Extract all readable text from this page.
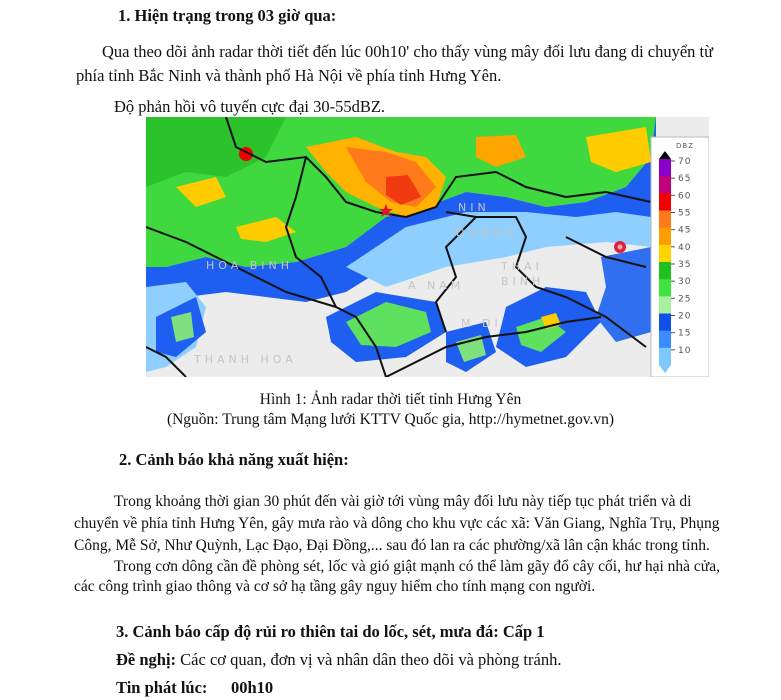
1. Hiện trạng trong 03 giờ qua:
Qua theo dõi ảnh radar thời tiết đến lúc 00h10' cho thấy vùng mây đối lưu đang di chuyển từ
phía tỉnh Bắc Ninh và thành phố Hà Nội về phía tỉnh Hưng Yên.
Độ phản hồi vô tuyến cực đại 30-55dBZ.
HOA BINH
A NAM
THAI
BINH
NIN
DUONG
M DI
THANH HOA
DBZ
70
65
60
55
45
40
35
30
25
20
15
10
Hình 1: Ảnh radar thời tiết tỉnh Hưng Yên
(Nguồn: Trung tâm Mạng lưới KTTV Quốc gia, http://hymetnet.gov.vn)
2. Cảnh báo khả năng xuất hiện:
Trong khoảng thời gian 30 phút đến vài giờ tới vùng mây đối lưu này tiếp tục phát triển và di
chuyển về phía tỉnh Hưng Yên, gây mưa rào và dông cho khu vực các xã: Văn Giang, Nghĩa Trụ, Phụng
Công, Mễ Sở, Như Quỳnh, Lạc Đạo, Đại Đồng,... sau đó lan ra các phường/xã lân cận khác trong tỉnh.
Trong cơn dông cần đề phòng sét, lốc và gió giật mạnh có thể làm gãy đổ cây cối, hư hại nhà cửa,
các công trình giao thông và cơ sở hạ tầng gây nguy hiểm cho tính mạng con người.
3. Cảnh báo cấp độ rủi ro thiên tai do lốc, sét, mưa đá: Cấp 1
Đề nghị: Các cơ quan, đơn vị và nhân dân theo dõi và phòng tránh.
Tin phát lúc: 00h10
